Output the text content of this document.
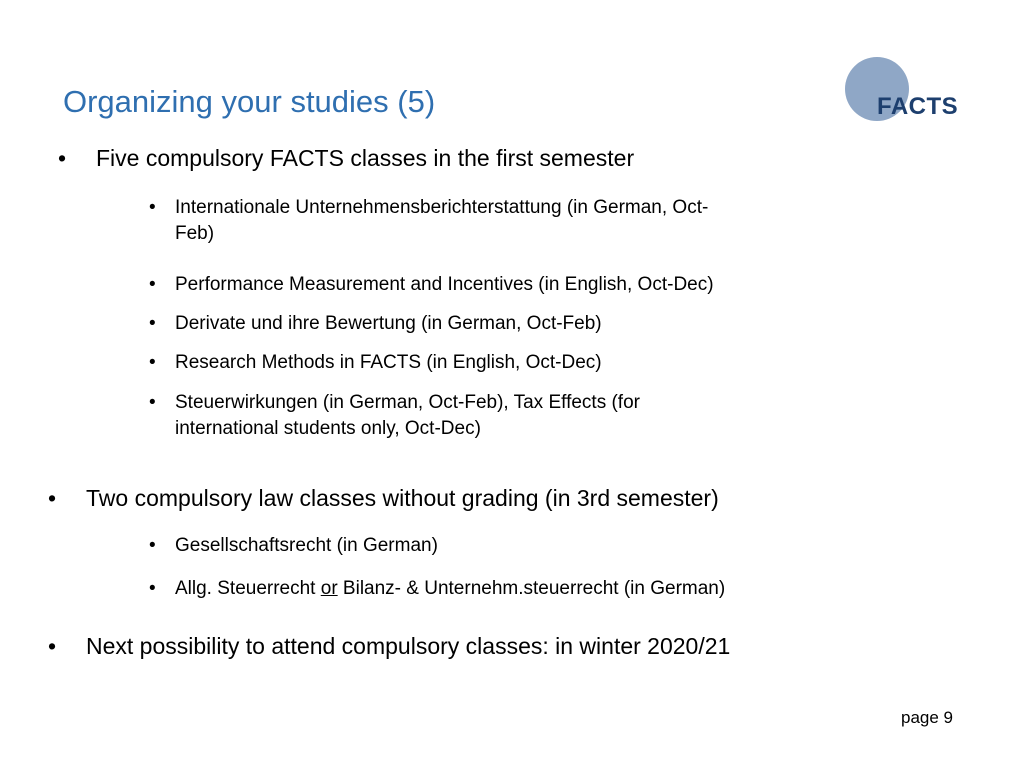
Organizing your studies (5)	FACTS
• Five compulsory FACTS classes in the first semester
• Internationale Unternehmensberichterstattung (in German, Oct-
Feb)
• Performance Measurement and Incentives (in English, Oct-Dec)
• Derivate und ihre Bewertung (in German, Oct-Feb)
• Research Methods in FACTS (in English, Oct-Dec)
• Steuerwirkungen (in German, Oct-Feb), Tax Effects (for
international students only, Oct-Dec)
• Two compulsory law classes without grading (in 3rd semester)
• Gesellschaftsrecht (in German)
• Allg. Steuerrecht or Bilanz- & Unternehm.steuerrecht (in German)
• Next possibility to attend compulsory classes: in winter 2020/21
page 9
